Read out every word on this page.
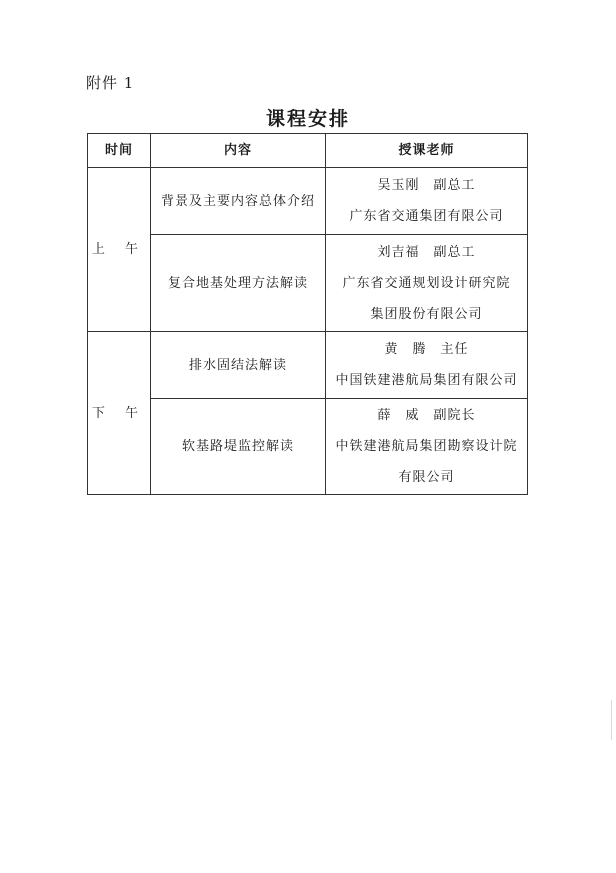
附件 1
课程安排
时间	内容	授课老师
上 午	背景及主要内容总体介绍	吴玉刚 副总工
广东省交通集团有限公司

	复合地基处理方法解读	刘吉福 副总工
广东省交通规划设计研究院
集团股份有限公司

下 午	排水固结法解读	黄　腾 主任
中国铁建港航局集团有限公司

	软基路堤监控解读	薛　威 副院长
中铁建港航局集团勘察设计院
有限公司
